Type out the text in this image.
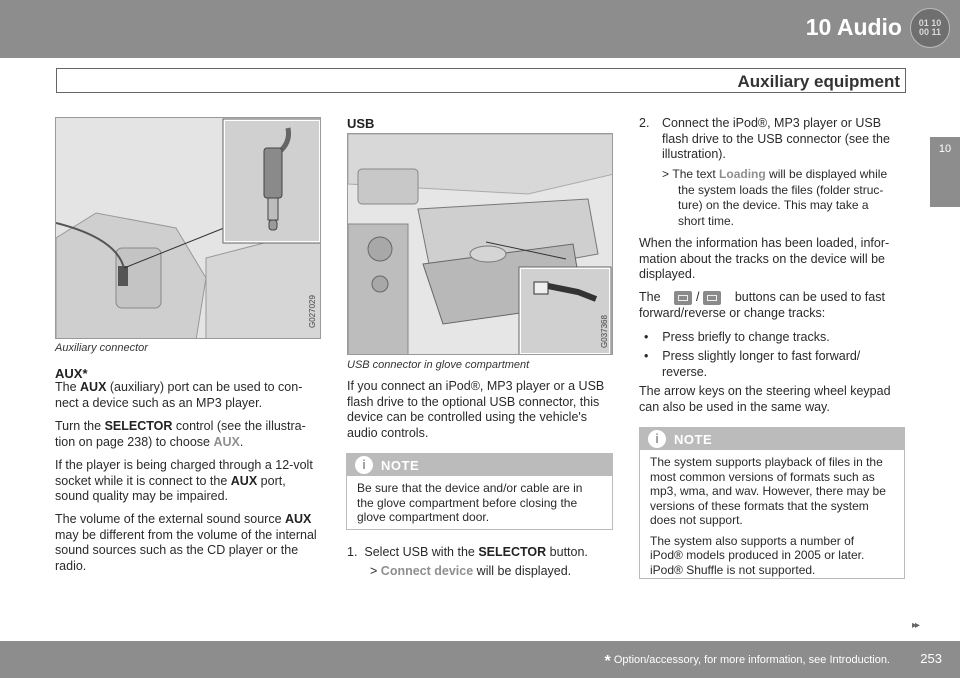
10 Audio 01 10
00 11
Auxiliary equipment
10
G027029
Auxiliary connector
AUX*
The AUX (auxiliary) port can be used to con-
nect a device such as an MP3 player.
Turn the SELECTOR control (see the illustra-
tion on page 238) to choose AUX.
If the player is being charged through a 12-volt
socket while it is connect to the AUX port,
sound quality may be impaired.
The volume of the external sound source AUX
may be different from the volume of the internal
sound sources such as the CD player or the
radio.
USB
G037368
USB connector in glove compartment
If you connect an iPod®, MP3 player or a USB
flash drive to the optional USB connector, this
device can be controlled using the vehicle's
audio controls.
i	NOTE
Be sure that the device and/or cable are in
the glove compartment before closing the
glove compartment door.
1. Select USB with the SELECTOR button.
> Connect device will be displayed.
2. Connect the iPod®, MP3 player or USB
flash drive to the USB connector (see the
illustration).
> The text Loading will be displayed while
the system loads the files (folder struc-
ture) on the device. This may take a
short time.
When the information has been loaded, infor-
mation about the tracks on the device will be
displayed.
The	/	buttons can be used to fast
forward/reverse or change tracks:
•    Press briefly to change tracks.
•    Press slightly longer to fast forward/
reverse.
The arrow keys on the steering wheel keypad
can also be used in the same way.
i	NOTE

The system supports playback of files in the
most common versions of formats such as
mp3, wma, and wav. However, there may be
versions of these formats that the system
does not support.

The system also supports a number of
iPod® models produced in 2005 or later.
iPod® Shuffle is not supported.

▸▸
* Option/accessory, for more information, see Introduction. 253
